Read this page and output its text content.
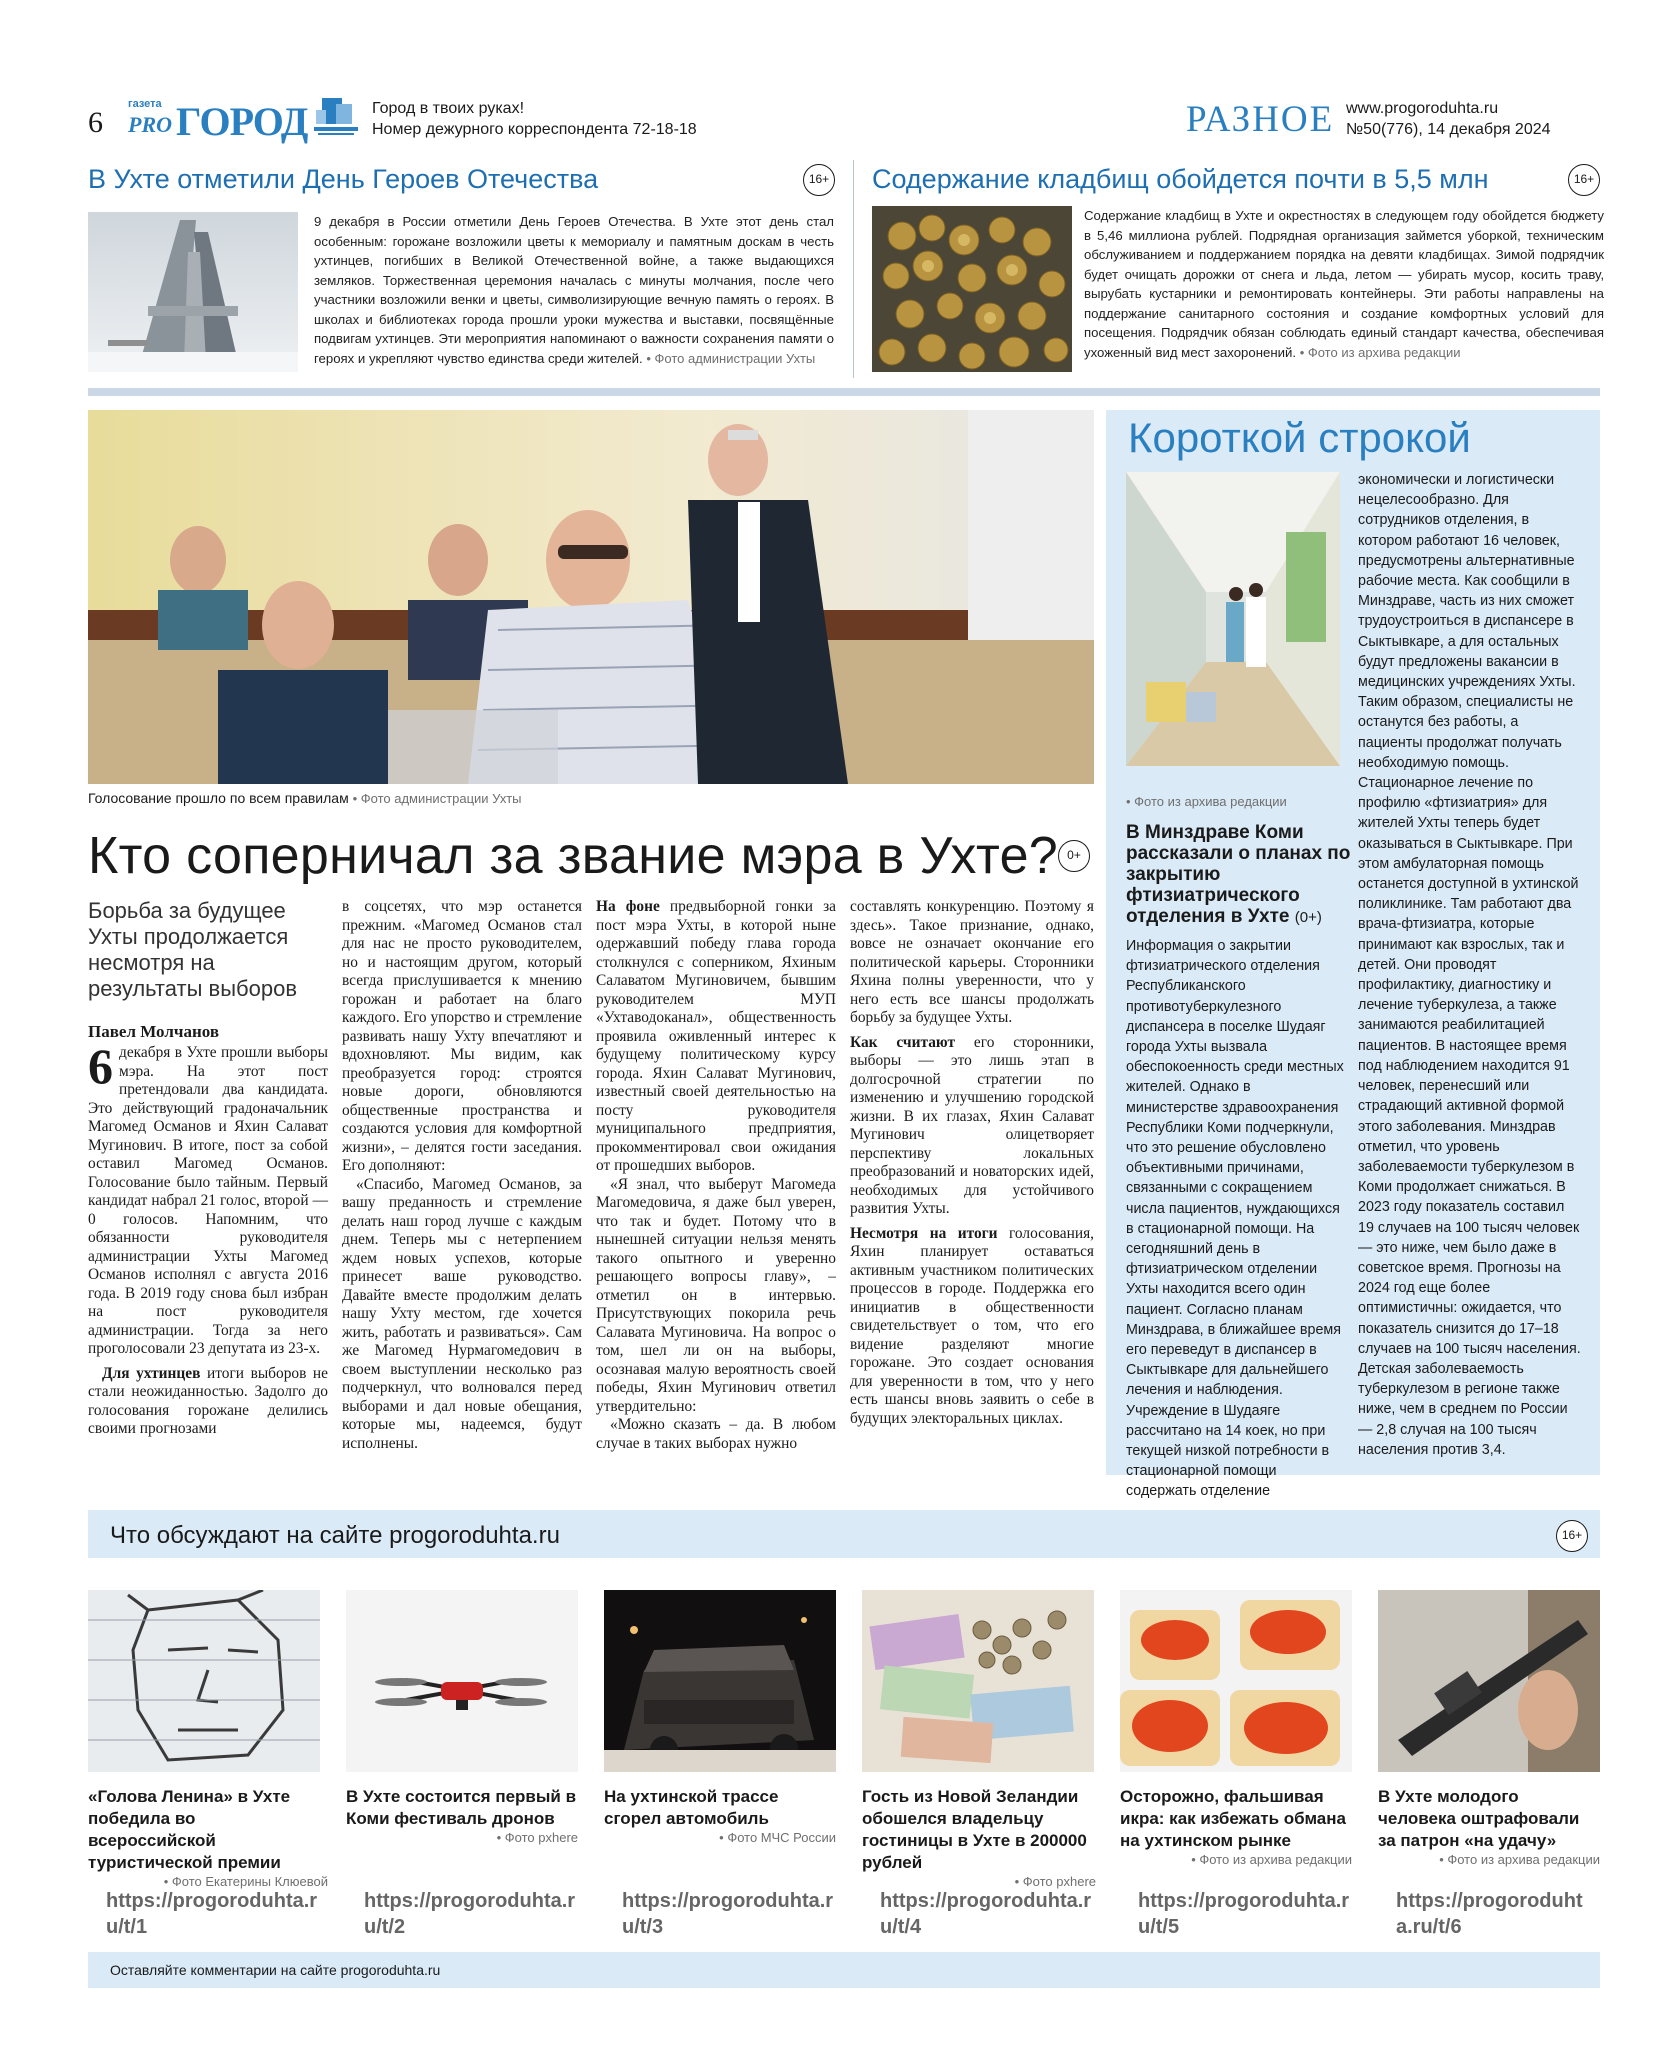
6
газета
PRO ГОРОД	Город в твоих руках!
Номер дежурного корреспондента 72-18-18	РАЗНОЕ www.progoroduhta.ru
№50(776), 14 декабря 2024
В Ухте отметили День Героев Отечества	16+
9 декабря в России отметили День Героев Отечества. В Ухте этот день стал особенным: горожане возложили цветы к мемориалу и памятным доскам в честь ухтинцев, погибших в Великой Отечественной войне, а также выдающихся земляков. Торжественная церемония началась с минуты молчания, после чего участники возложили венки и цветы, символизирующие вечную память о героях. В школах и библиотеках города прошли уроки мужества и выставки, посвящённые подвигам ухтинцев. Эти мероприятия напоминают о важности сохранения памяти о героях и укрепляют чувство единства среди жителей. • Фото администрации Ухты
Содержание кладбищ обойдется почти в 5,5 млн	16+
Содержание кладбищ в Ухте и окрестностях в следующем году обойдется бюджету в 5,46 миллиона рублей. Подрядная организация займется уборкой, техническим обслуживанием и поддержанием порядка на девяти кладбищах. Зимой подрядчик будет очищать дорожки от снега и льда, летом — убирать мусор, косить траву, вырубать кустарники и ремонтировать контейнеры. Эти работы направлены на поддержание санитарного состояния и создание комфортных условий для посещения. Подрядчик обязан соблюдать единый стандарт качества, обеспечивая ухоженный вид мест захоронений. • Фото из архива редакции
Голосование прошло по всем правилам • Фото администрации Ухты
Кто соперничал за звание мэра в Ухте? 0+
Борьба за будущее Ухты продолжается несмотря на результаты выборов
Павел Молчанов

6 декабря в Ухте прошли выборы мэра. На этот пост претендовали два кандидата. Это действующий градоначальник Магомед Османов и Яхин Салават Мугинович. В итоге, пост за собой оставил Магомед Османов. Голосование было тайным. Первый кандидат набрал 21 голос, второй — 0 голосов. Напомним, что обязанности руководителя администрации Ухты Магомед Османов исполнял с августа 2016 года. В 2019 году снова был избран на пост руководителя администрации. Тогда за него проголосовали 23 депутата из 23-х.

Для ухтинцев итоги выборов не стали неожиданностью. Задолго до голосования горожане делились своими прогнозами

в соцсетях, что мэр останется прежним. «Магомед Османов стал для нас не просто руководителем, но и настоящим другом, который всегда прислушивается к мнению горожан и работает на благо каждого. Его упорство и стремление развивать нашу Ухту впечатляют и вдохновляют. Мы видим, как преобразуется город: строятся новые дороги, обновляются общественные пространства и создаются условия для комфортной жизни», – делятся гости заседания. Его дополняют:

«Спасибо, Магомед Османов, за вашу преданность и стремление делать наш город лучше с каждым днем. Теперь мы с нетерпением ждем новых успехов, которые принесет ваше руководство. Давайте вместе продолжим делать нашу Ухту местом, где хочется жить, работать и развиваться». Сам же Магомед Нурмагомедович в своем выступлении несколько раз подчеркнул, что волновался перед выборами и дал новые обещания, которые мы, надеемся, будут исполнены.

На фоне предвыборной гонки за пост мэра Ухты, в которой ныне одержавший победу глава города столкнулся с соперником, Яхиным Салаватом Мугиновичем, бывшим руководителем МУП «Ухтаводоканал», общественность проявила оживленный интерес к будущему политическому курсу города. Яхин Салават Мугинович, известный своей деятельностью на посту руководителя муниципального предприятия, прокомментировал свои ожидания от прошедших выборов.

«Я знал, что выберут Магомеда Магомедовича, я даже был уверен, что так и будет. Потому что в нынешней ситуации нельзя менять такого опытного и уверенно решающего вопросы главу», – отметил он в интервью. Присутствующих покорила речь Салавата Мугиновича. На вопрос о том, шел ли он на выборы, осознавая малую вероятность своей победы, Яхин Мугинович ответил утвердительно:

«Можно сказать – да. В любом случае в таких выборах нужно

составлять конкуренцию. Поэтому я здесь». Такое признание, однако, вовсе не означает окончание его политической карьеры. Сторонники Яхина полны уверенности, что у него есть все шансы продолжать борьбу за будущее Ухты.

Как считают его сторонники, выборы — это лишь этап в долгосрочной стратегии по изменению и улучшению городской жизни. В их глазах, Яхин Салават Мугинович олицетворяет перспективу локальных преобразований и новаторских идей, необходимых для устойчивого развития Ухты.

Несмотря на итоги голосования, Яхин планирует оставаться активным участником политических процессов в городе. Поддержка его инициатив в общественности свидетельствует о том, что его видение разделяют многие горожане. Это создает основания для уверенности в том, что у него есть шансы вновь заявить о себе в будущих электоральных циклах.

Короткой строкой
• Фото из архива редакции
В Минздраве Коми рассказали о планах по закрытию фтизиатрического отделения в Ухте (0+)
Информация о закрытии фтизиатрического отделения Республиканского противотуберкулезного диспансера в поселке Шудаяг города Ухты вызвала обеспокоенность среди местных жителей. Однако в министерстве здравоохранения Республики Коми подчеркнули, что это решение обусловлено объективными причинами, связанными с сокращением числа пациентов, нуждающихся в стационарной помощи. На сегодняшний день в фтизиатрическом отделении Ухты находится всего один пациент. Согласно планам Минздрава, в ближайшее время его переведут в диспансер в Сыктывкаре для дальнейшего лечения и наблюдения. Учреждение в Шудаяге рассчитано на 14 коек, но при текущей низкой потребности в стационарной помощи содержать отделение
экономически и логистически нецелесообразно. Для сотрудников отделения, в котором работают 16 человек, предусмотрены альтернативные рабочие места. Как сообщили в Минздраве, часть из них сможет трудоустроиться в диспансере в Сыктывкаре, а для остальных будут предложены вакансии в медицинских учреждениях Ухты. Таким образом, специалисты не останутся без работы, а пациенты продолжат получать необходимую помощь. Стационарное лечение по профилю «фтизиатрия» для жителей Ухты теперь будет оказываться в Сыктывкаре. При этом амбулаторная помощь останется доступной в ухтинской поликлинике. Там работают два врача-фтизиатра, которые принимают как взрослых, так и детей. Они проводят профилактику, диагностику и лечение туберкулеза, а также занимаются реабилитацией пациентов. В настоящее время под наблюдением находится 91 человек, перенесший или страдающий активной формой этого заболевания. Минздрав отметил, что уровень заболеваемости туберкулезом в Коми продолжает снижаться. В 2023 году показатель составил 19 случаев на 100 тысяч человек — это ниже, чем было даже в советское время. Прогнозы на 2024 год еще более оптимистичны: ожидается, что показатель снизится до 17–18 случаев на 100 тысяч населения. Детская заболеваемость туберкулезом в регионе также ниже, чем в среднем по России — 2,8 случая на 100 тысяч населения против 3,4.
Что обсуждают на сайте progoroduhta.ru	16+
«Голова Ленина» в Ухте победила во всероссийской туристической премии
• Фото Екатерины Клюевой
В Ухте состоится первый в Коми фестиваль дронов
• Фото pxhere
На ухтинской трассе сгорел автомобиль
• Фото МЧС России
Гость из Новой Зеландии обошелся владельцу гостиницы в Ухте в 200000 рублей
• Фото pxhere
Осторожно, фальшивая икра: как избежать обмана на ухтинском рынке
• Фото из архива редакции
В Ухте молодого человека оштрафовали за патрон «на удачу»
• Фото из архива редакции
https://progoroduhta.ru/t/1
https://progoroduhta.ru/t/2
https://progoroduhta.ru/t/3
https://progoroduhta.ru/t/4
https://progoroduhta.ru/t/5
https://progoroduhta.ru/t/6
Оставляйте комментарии на сайте progoroduhta.ru
